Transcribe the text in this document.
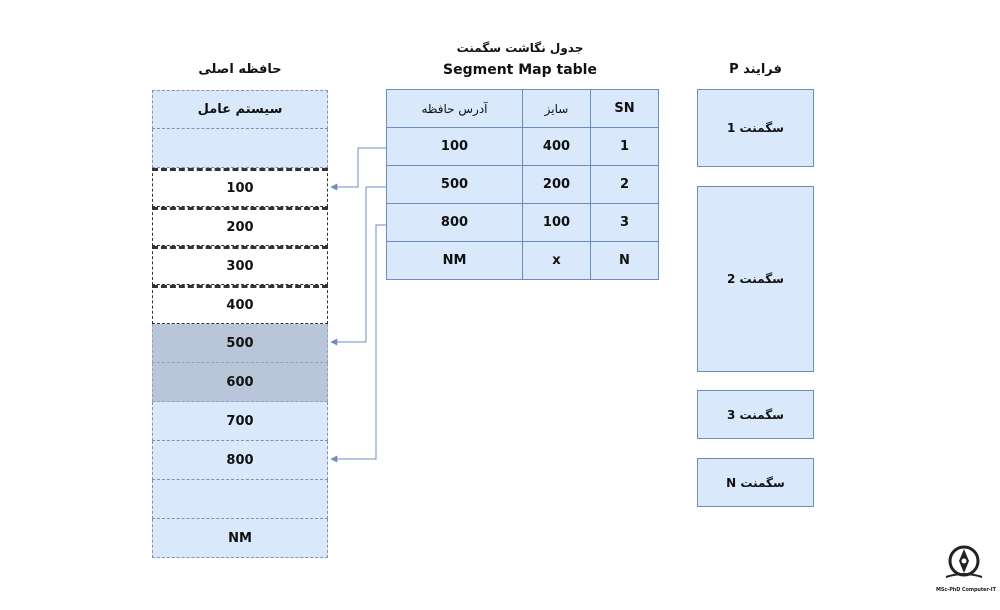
حافظه اصلی
جدول نگاشت سگمنت
Segment Map table	فرایند P
سیستم عامل
100
200
300
400
500
600
700
800
NM
آدرس حافظه	سایز	SN
100	400	1
500	200	2
800	100	3
NM	x	N
سگمنت 1
سگمنت 2
سگمنت 3
سگمنت N
MSc-PhD Computer-IT
